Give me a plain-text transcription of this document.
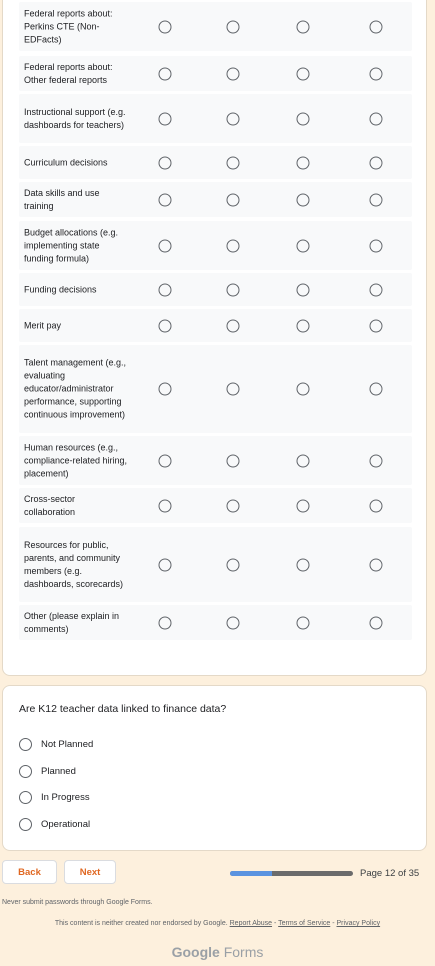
Federal reports about: Perkins CTE (Non-EDFacts)
Federal reports about: Other federal reports
Instructional support (e.g. dashboards for teachers)
Curriculum decisions
Data skills and use training
Budget allocations (e.g. implementing state funding formula)
Funding decisions
Merit pay
Talent management (e.g., evaluating educator/administrator performance, supporting continuous improvement)
Human resources (e.g., compliance-related hiring, placement)
Cross-sector collaboration
Resources for public, parents, and community members (e.g. dashboards, scorecards)
Other (please explain in comments)
Are K12 teacher data linked to finance data?
Not Planned
Planned
In Progress
Operational
Back	Next	Page 12 of 35
Never submit passwords through Google Forms.
This content is neither created nor endorsed by Google. Report Abuse - Terms of Service - Privacy Policy
Google Forms
